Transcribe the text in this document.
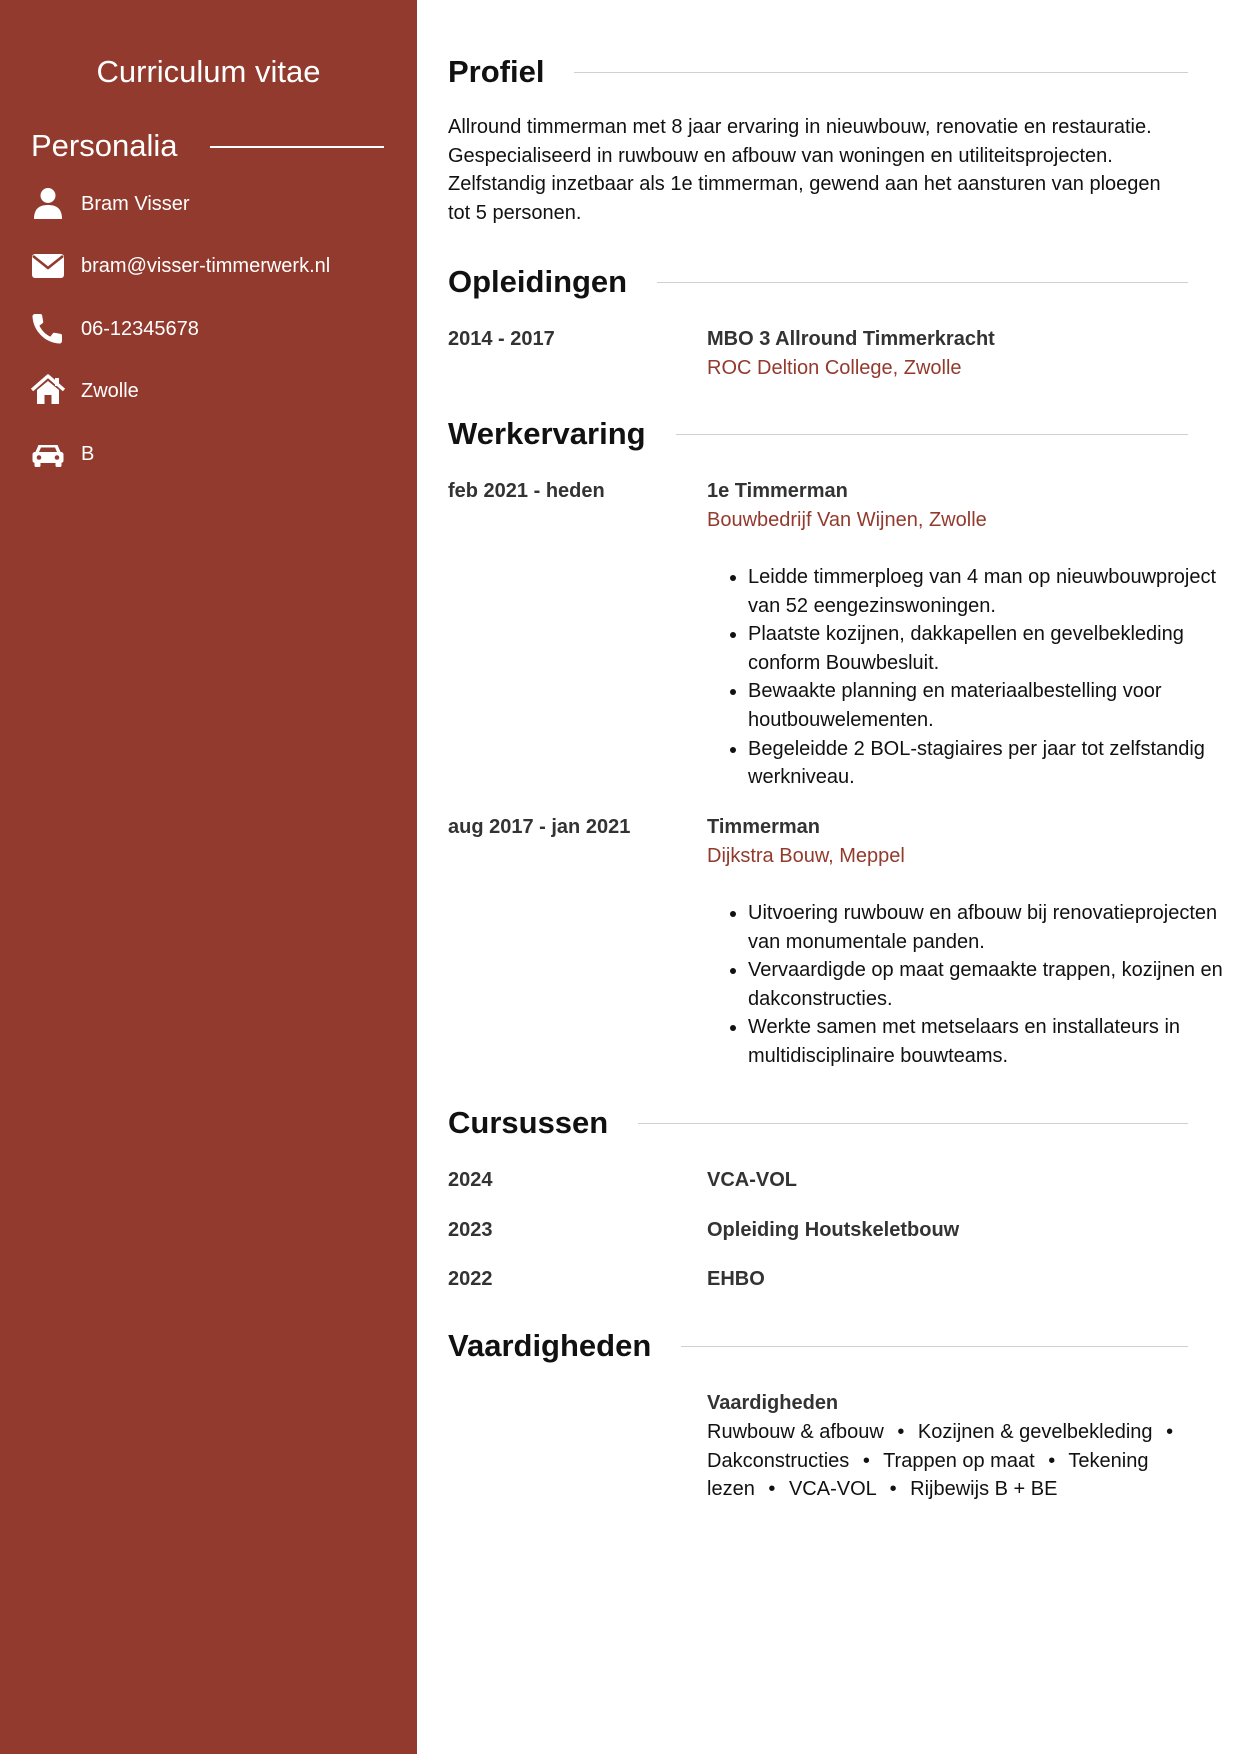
Curriculum vitae
Personalia
Bram Visser
bram@visser-timmerwerk.nl
06-12345678
Zwolle
B
Profiel
Allround timmerman met 8 jaar ervaring in nieuwbouw, renovatie en restauratie. Gespecialiseerd in ruwbouw en afbouw van woningen en utiliteitsprojecten. Zelfstandig inzetbaar als 1e timmerman, gewend aan het aansturen van ploegen tot 5 personen.
Opleidingen
2014 - 2017	MBO 3 Allround Timmerkracht
ROC Deltion College, Zwolle
Werkervaring
feb 2021 - heden	1e Timmerman
Bouwbedrijf Van Wijnen, Zwolle
• Leidde timmerploeg van 4 man op nieuwbouwproject van 52 eengezinswoningen.
• Plaatste kozijnen, dakkapellen en gevelbekleding conform Bouwbesluit.
• Bewaakte planning en materiaalbestelling voor houtbouwelementen.
• Begeleidde 2 BOL-stagiaires per jaar tot zelfstandig werkniveau.
aug 2017 - jan 2021	Timmerman
Dijkstra Bouw, Meppel
• Uitvoering ruwbouw en afbouw bij renovatieprojecten van monumentale panden.
• Vervaardigde op maat gemaakte trappen, kozijnen en dakconstructies.
• Werkte samen met metselaars en installateurs in multidisciplinaire bouwteams.
Cursussen
2024	VCA-VOL
2023	Opleiding Houtskeletbouw
2022	EHBO
Vaardigheden
Vaardigheden
Ruwbouw & afbouw • Kozijnen & gevelbekleding • Dakconstructies • Trappen op maat • Tekening lezen • VCA-VOL • Rijbewijs B + BE
